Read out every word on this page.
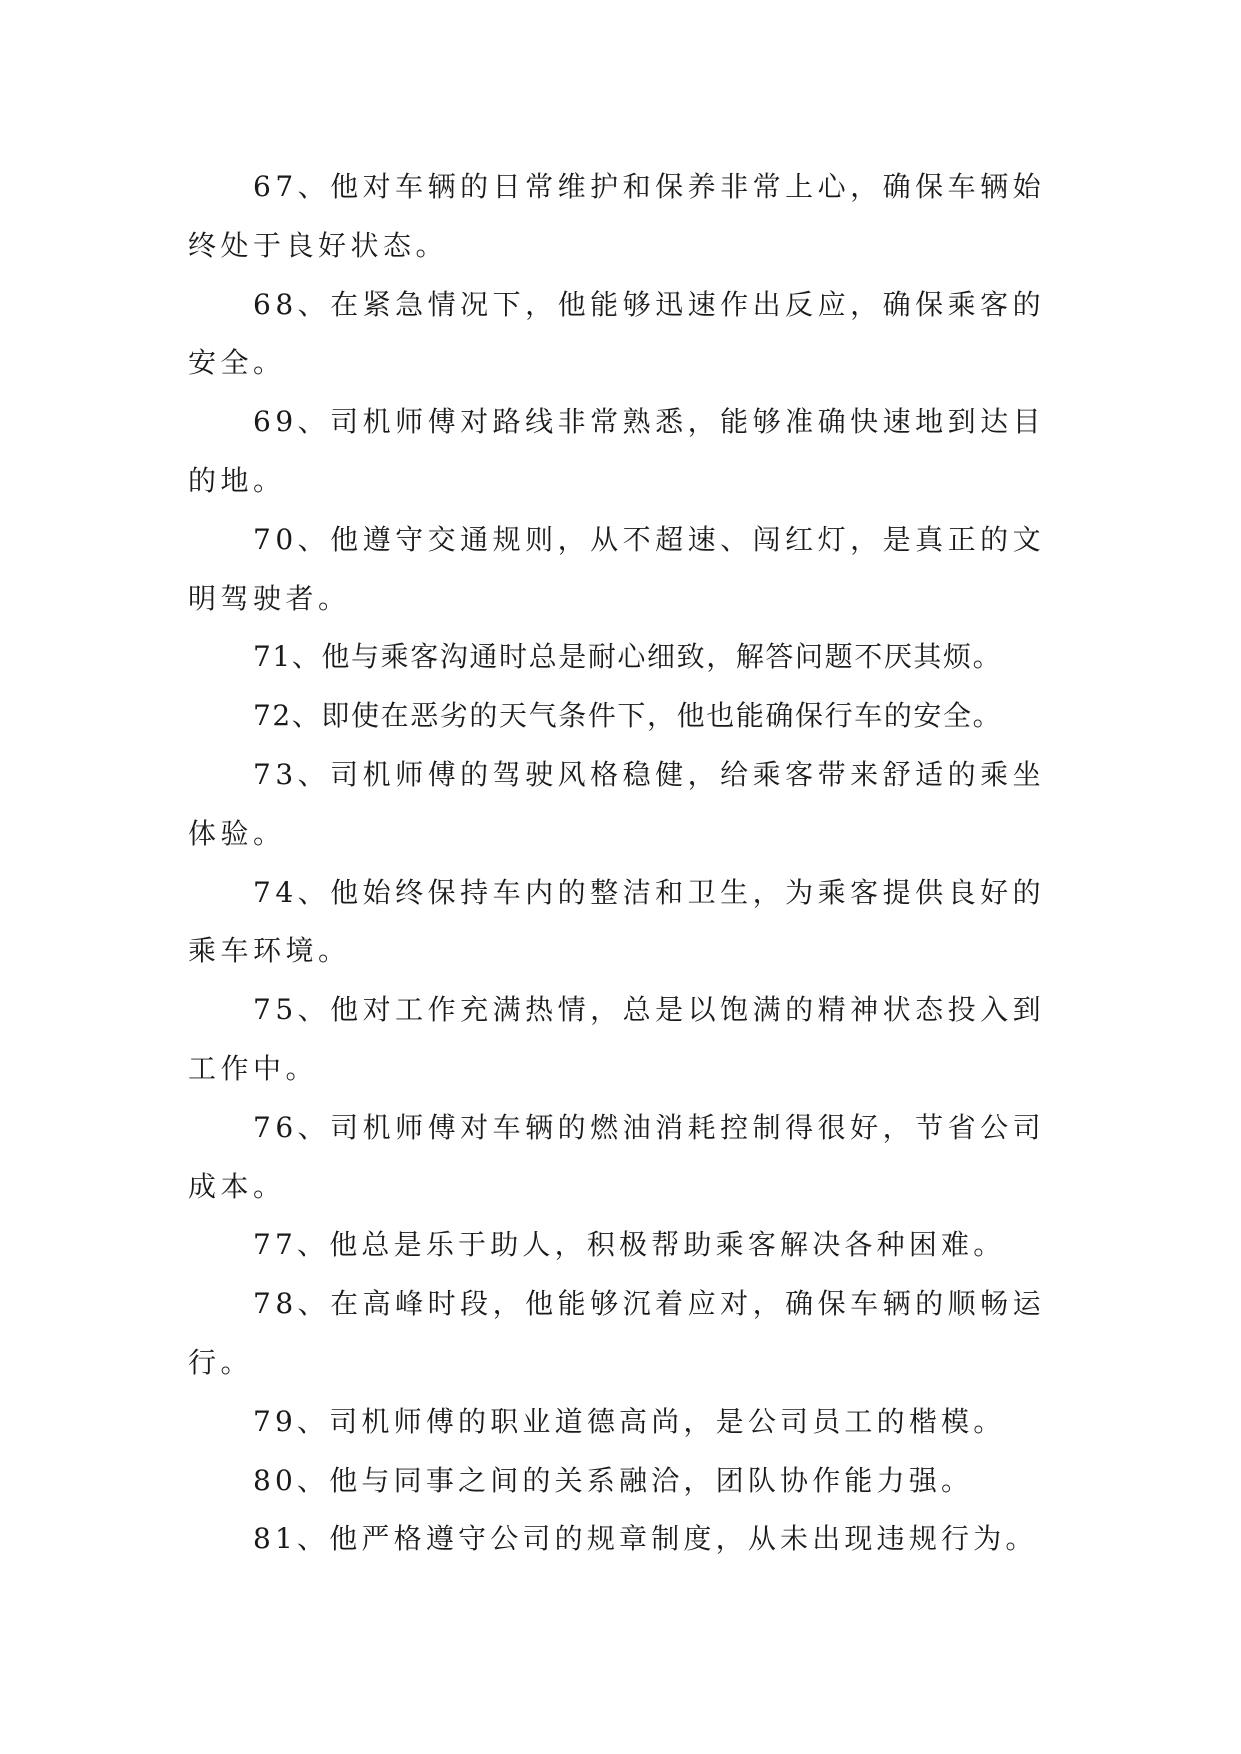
67、他对车辆的日常维护和保养非常上心，确保车辆始终处于良好状态。

68、在紧急情况下，他能够迅速作出反应，确保乘客的安全。

69、司机师傅对路线非常熟悉，能够准确快速地到达目的地。

70、他遵守交通规则，从不超速、闯红灯，是真正的文明驾驶者。

71、他与乘客沟通时总是耐心细致，解答问题不厌其烦。

72、即使在恶劣的天气条件下，他也能确保行车的安全。

73、司机师傅的驾驶风格稳健，给乘客带来舒适的乘坐体验。

74、他始终保持车内的整洁和卫生，为乘客提供良好的乘车环境。

75、他对工作充满热情，总是以饱满的精神状态投入到工作中。

76、司机师傅对车辆的燃油消耗控制得很好，节省公司成本。

77、他总是乐于助人，积极帮助乘客解决各种困难。

78、在高峰时段，他能够沉着应对，确保车辆的顺畅运行。

79、司机师傅的职业道德高尚，是公司员工的楷模。

80、他与同事之间的关系融洽，团队协作能力强。

81、他严格遵守公司的规章制度，从未出现违规行为。
